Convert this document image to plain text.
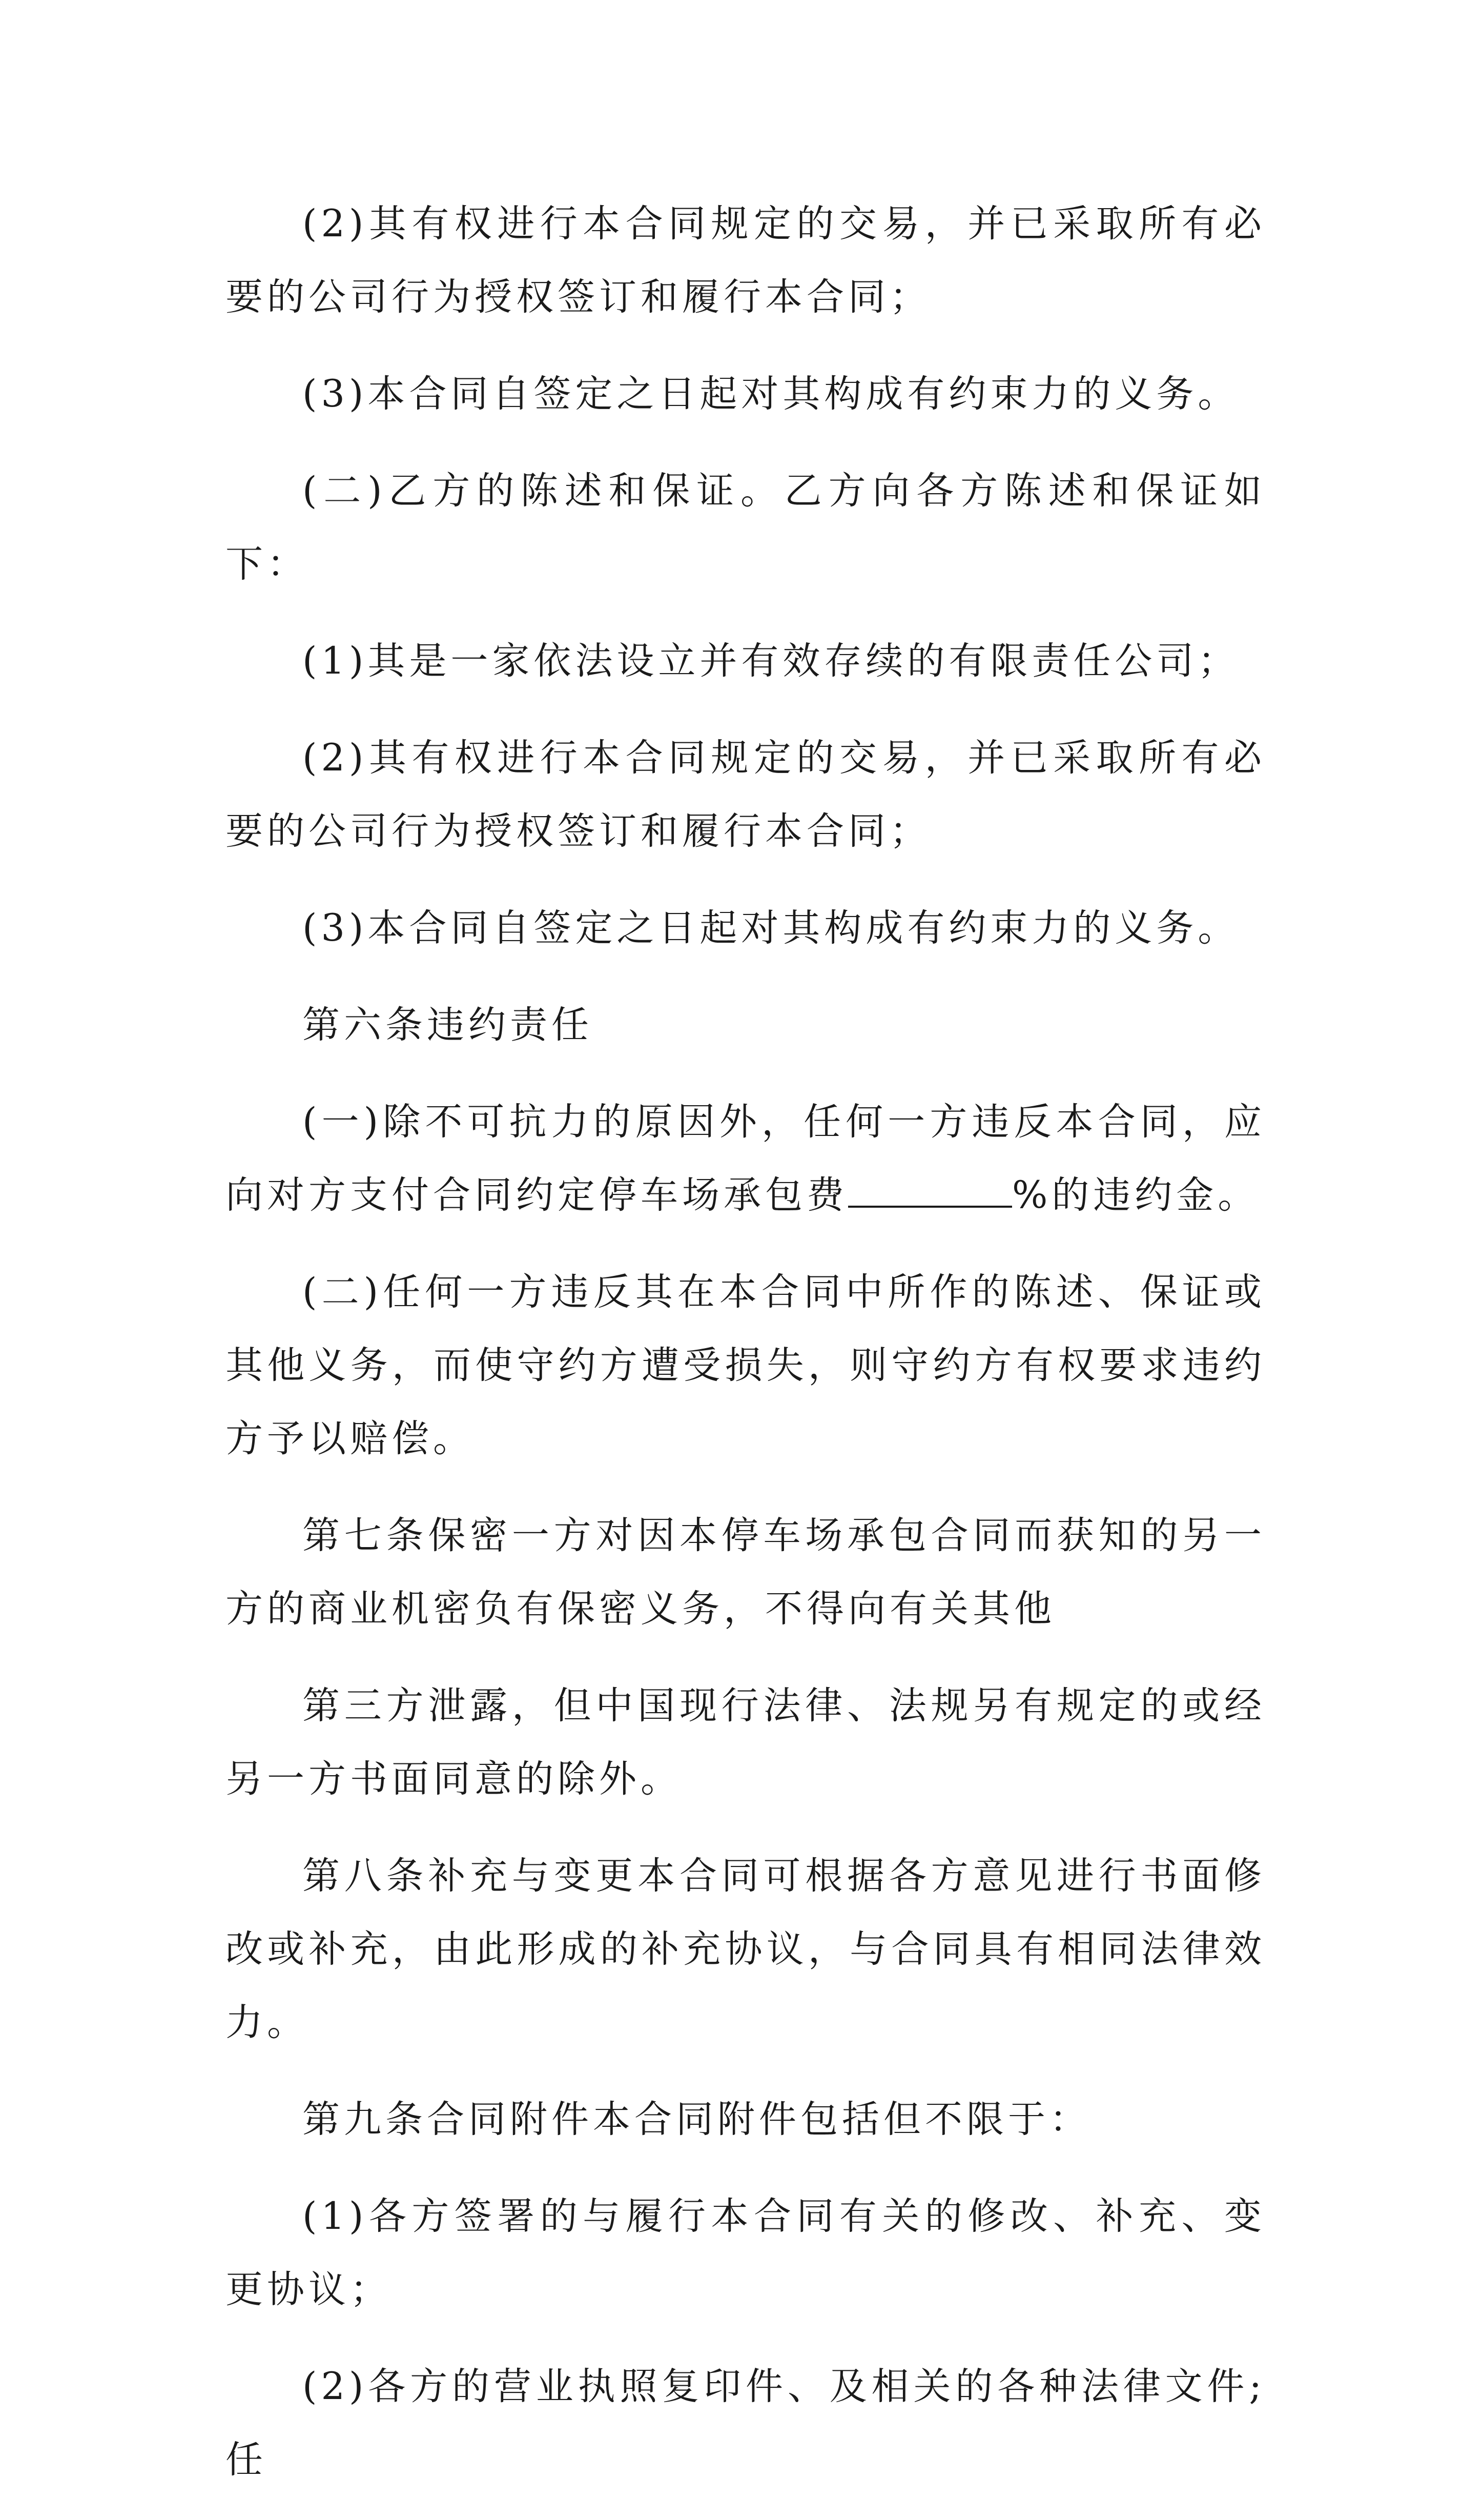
(2)其有权进行本合同规定的交易，并已采取所有必要的公司行为授权签订和履行本合同；

(3)本合同自签定之日起对其构成有约束力的义务。

(二)乙方的陈述和保证。乙方向各方陈述和保证如下：

(1)其是一家依法设立并有效存续的有限责任公司；

(2)其有权进行本合同规定的交易，并已采取所有必要的公司行为授权签订和履行本合同；

(3)本合同自签定之日起对其构成有约束力的义务。

第六条违约责任

(一)除不可抗力的原因外，任何一方违反本合同，应向对方支付合同约定停车场承包费	%的违约金。

(二)任何一方违反其在本合同中所作的陈述、保证或其他义务，而使守约方遭受损失，则守约方有权要求违约方予以赔偿。

第七条保密一方对因本停车场承包合同而获知的另一方的商业机密负有保密义务，不得向有关其他

第三方泄露，但中国现行法律、法规另有规定的或经另一方书面同意的除外。

第八条补充与变更本合同可根据各方意见进行书面修改或补充，由此形成的补充协议，与合同具有相同法律效力。

第九条合同附件本合同附件包括但不限于：

(1)各方签署的与履行本合同有关的修改、补充、变更协议；

(2)各方的营业执照复印件、及相关的各种法律文件;任
